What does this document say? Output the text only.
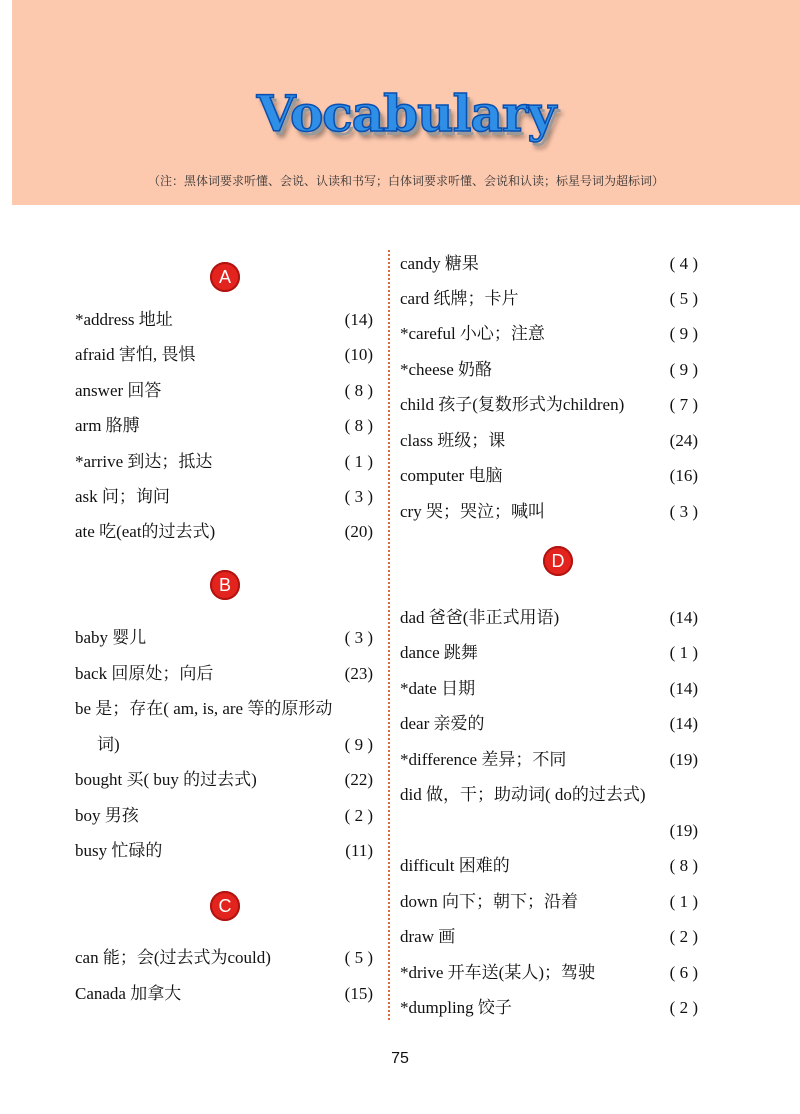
Vocabulary
（注：黑体词要求听懂、会说、认读和书写；白体词要求听懂、会说和认读；标星号词为超标词）
A
*address 地址	(14)
afraid 害怕, 畏惧	(10)
answer 回答	( 8 )
arm 胳膊	( 8 )
*arrive 到达；抵达	( 1 )
ask 问；询问	( 3 )
ate 吃(eat的过去式)	(20)
B
baby 婴儿	( 3 )
back 回原处；向后	(23)
be 是；存在( am, is, are 等的原形动
词)	( 9 )
bought 买( buy 的过去式)	(22)
boy 男孩	( 2 )
busy 忙碌的	(11)
C
can 能；会(过去式为could)	( 5 )
Canada 加拿大	(15)
candy 糖果	( 4 )
card 纸牌；卡片	( 5 )
*careful 小心；注意	( 9 )
*cheese 奶酪	( 9 )
child 孩子(复数形式为children)	( 7 )
class 班级；课	(24)
computer 电脑	(16)
cry 哭；哭泣；喊叫	( 3 )
D
dad 爸爸(非正式用语)	(14)
dance 跳舞	( 1 )
*date 日期	(14)
dear 亲爱的	(14)
*difference 差异；不同	(19)
did 做，干；助动词( do的过去式)
(19)
difficult 困难的	( 8 )
down 向下；朝下；沿着	( 1 )
draw 画	( 2 )
*drive 开车送(某人)；驾驶	( 6 )
*dumpling 饺子	( 2 )
75
